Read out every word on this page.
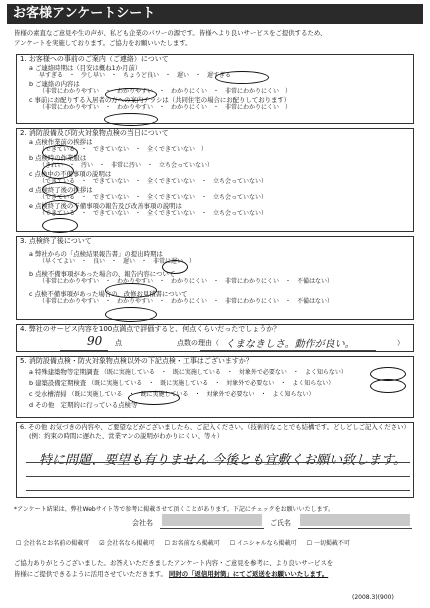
お客様アンケートシート
皆様の素直なご意見や生の声が、私ども企業のパワーの源です。皆様へより良いサービスをご提供するため、
アンケートを実施しております。ご協力をお願いいたします。
1. お客様への事前のご案内（ご連絡）について
a ご連絡時期は（目安は概ね1か月前）
早すぎる　・　少し早い　・　ちょうど良い　・　遅い　・　遅すぎる
b ご連絡の内容は
（非常にわかりやすい　・　わかりやすい　・　わかりにくい　・　非常にわかりにくい　）
c 事前にお配りする入居者の方への案内チラシは（共同住宅の場合にお配りしております）
（非常にわかりやすい　・　わかりやすい　・　わかりにくい　・　非常にわかりにくい　）
2. 消防設備及び防火対象物点検の当日について
a 点検作業前の挨拶は
（できている　・　できていない　・　全くできていない　）
b 点検時の作業服は
（きれい　・　汚い　・　非常に汚い　・　立ち会っていない）
c 点検中の不備事項の説明は
（できている　・　できていない　・　全くできていない　・　立ち会っていない）
d 点検終了後の挨拶は
（できている　・　できていない　・　全くできていない　・　立ち会っていない）
e 点検終了後の不備事項の報告及び改善事項の説明は
（できている　・　できていない　・　全くできていない　・　立ち会っていない）
3. 点検終了後について
a 弊社からの「点検結果報告書」の提出時期は
（早くてよい　・　良い　・　遅い　・　非常に遅い　）
b 点検不備事項があった場合の、報告内容について
（非常にわかりやすい　・　わかりやすい　・　わかりにくい　・　非常にわかりにくい　・　不備はない）
c 点検不備事項があった場合の、改修お見積書について
（非常にわかりやすい　・　わかりやすい　・　わかりにくい　・　非常にわかりにくい　・　不備はない）
4. 弊社のサービス内容を100点満点で評価すると、何点くらいだったでしょうか？
90 点	点数の理由（ くまなきしさ。動作が良い。	）
5. 消防設備点検・防火対象物点検以外の下記点検・工事はございますか？
a 特殊建築物等定期調査 （既に実施している　・　既に実施している　・　対象外で必要ない　・　よく知らない）
b 建築設備定期検査 （既に実施している　・　既に実施している　・　対象外で必要ない　・　よく知らない）
c 受水槽清掃 （既に実施している　・　既に実施している　・　対象外で必要ない　・　よく知らない）
d その他　定期的に行っている点検等
6. その他 お気づきの内容や、ご要望などがございましたら、ご記入ください。（技術的なことでも結構です。どしどしご記入ください）
(例：約束の時間に遅れた、営業マンの説明がわかりにくい、等々）
特に問題、要望も有りません 今後とも宜敷くお願い致します。
*アンケート結果は、弊社Webサイト等で参考に掲載させて頂くことがあります。下記にチェックをお願いいたします。
会社名	ご氏名
☐ 会社名とお名前の掲載可 ☑ 会社名なら掲載可 ☐ お名前なら掲載可 ☐ イニシャルなら掲載可 ☐ 一切掲載不可
ご協力ありがとうございました。お答えいただきましたアンケート内容・ご意見を参考に、より良いサービスを
皆様にご提供できるように活用させていただきます。 同封の「返信用封筒」にてご返送をお願いいたします。
(2008.3)(900)
